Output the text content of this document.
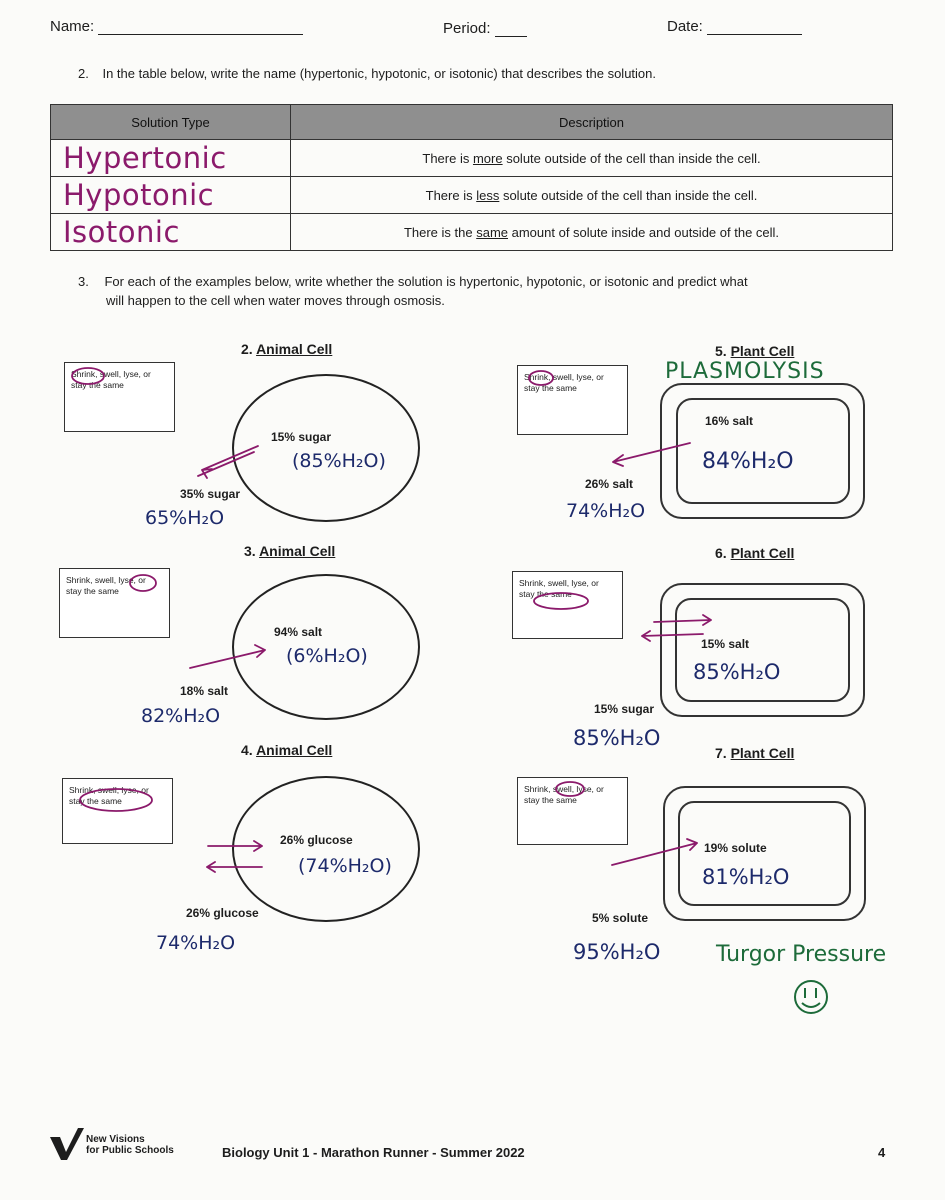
Name:	Period:	Date:
2. In the table below, write the name (hypertonic, hypotonic, or isotonic) that describes the solution.
Solution Type	Description
Hypertonic	There is more solute outside of the cell than inside the cell.
Hypotonic	There is less solute outside of the cell than inside the cell.
Isotonic	There is the same amount of solute inside and outside of the cell.
3. For each of the examples below, write whether the solution is hypertonic, hypotonic, or isotonic and predict what
will happen to the cell when water moves through osmosis.
2. Animal Cell
Shrink, swell, lyse, or stay the same
15% sugar
(85%H₂O)
35% sugar
65%H₂O
3. Animal Cell
Shrink, swell, lyse, or stay the same
94% salt
(6%H₂O)
18% salt
82%H₂O
4. Animal Cell
Shrink, swell, lyse, or stay the same
26% glucose
(74%H₂O)
26% glucose
74%H₂O
5. Plant Cell
PLASMOLYSIS
Shrink, swell, lyse, or stay the same
16% salt
84%H₂O
26% salt
74%H₂O
6. Plant Cell
Shrink, swell, lyse, or stay the same
15% salt
85%H₂O
15% sugar
85%H₂O
7. Plant Cell
Shrink, swell, lyse, or stay the same
19% solute
81%H₂O
5% solute
95%H₂O	Turgor Pressure
New Visions
for Public Schools	Biology Unit 1 - Marathon Runner - Summer 2022	4
